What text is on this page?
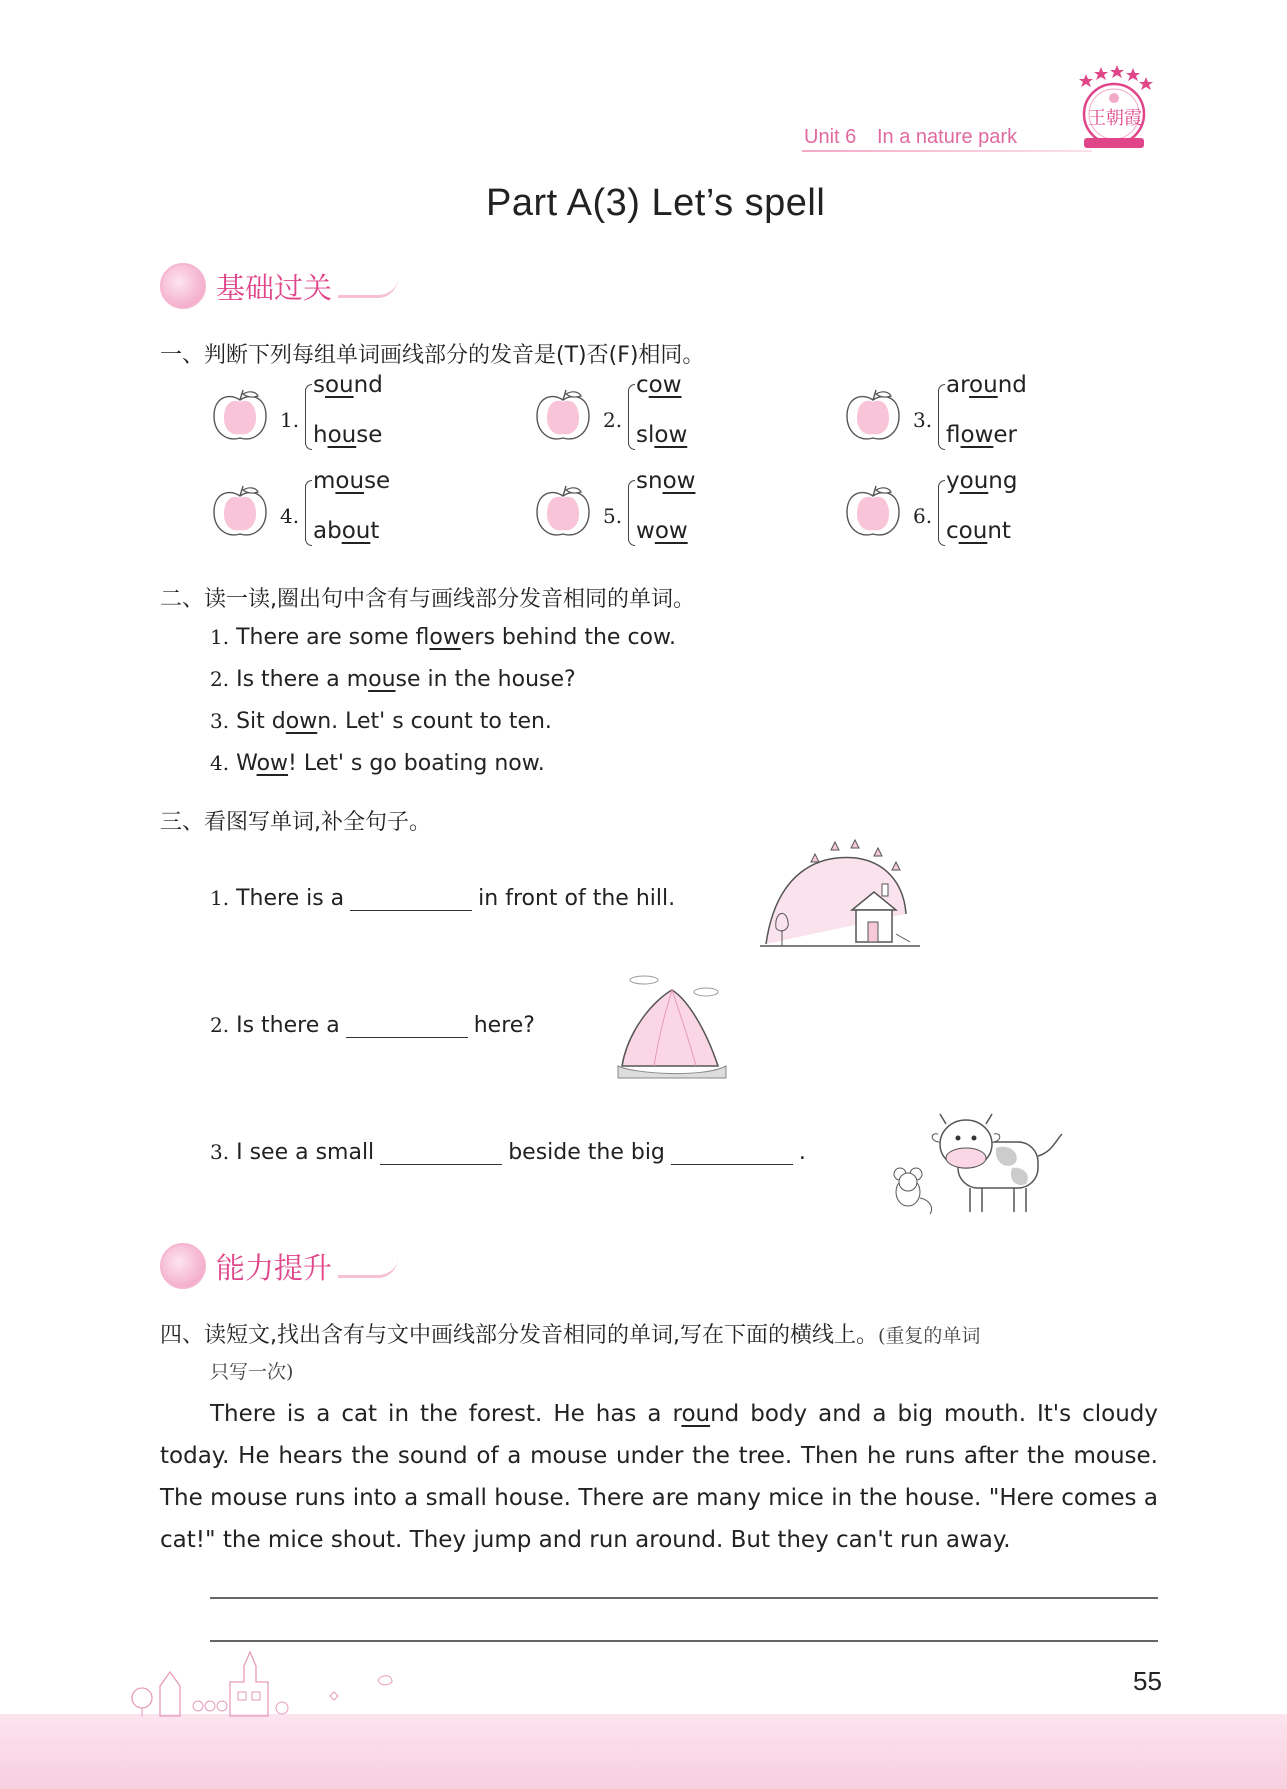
Unit 6 In a nature park
王朝霞
Part A(3) Let’s spell
基础过关
一、判断下列每组单词画线部分的发音是(T)否(F)相同。
1.
sound
house
2.
cow
slow
3.
around
flower
4.
mouse
about
5.
snow
wow
6.
young
count
二、读一读,圈出句中含有与画线部分发音相同的单词。
1. There are some flowers behind the cow.
2. Is there a mouse in the house?
3. Sit down. Let' s count to ten.
4. Wow! Let' s go boating now.
三、看图写单词,补全句子。
1. There is a	in front of the hill.
2. Is there a	here?
3. I see a small	beside the big	.
能力提升
四、读短文,找出含有与文中画线部分发音相同的单词,写在下面的横线上。(重复的单词
只写一次)
There is a cat in the forest. He has a round body and a big mouth. It's cloudy today. He hears the sound of a mouse under the tree. Then he runs after the mouse. The mouse runs into a small house. There are many mice in the house. "Here comes a cat!" the mice shout. They jump and run around. But they can't run away.
55
